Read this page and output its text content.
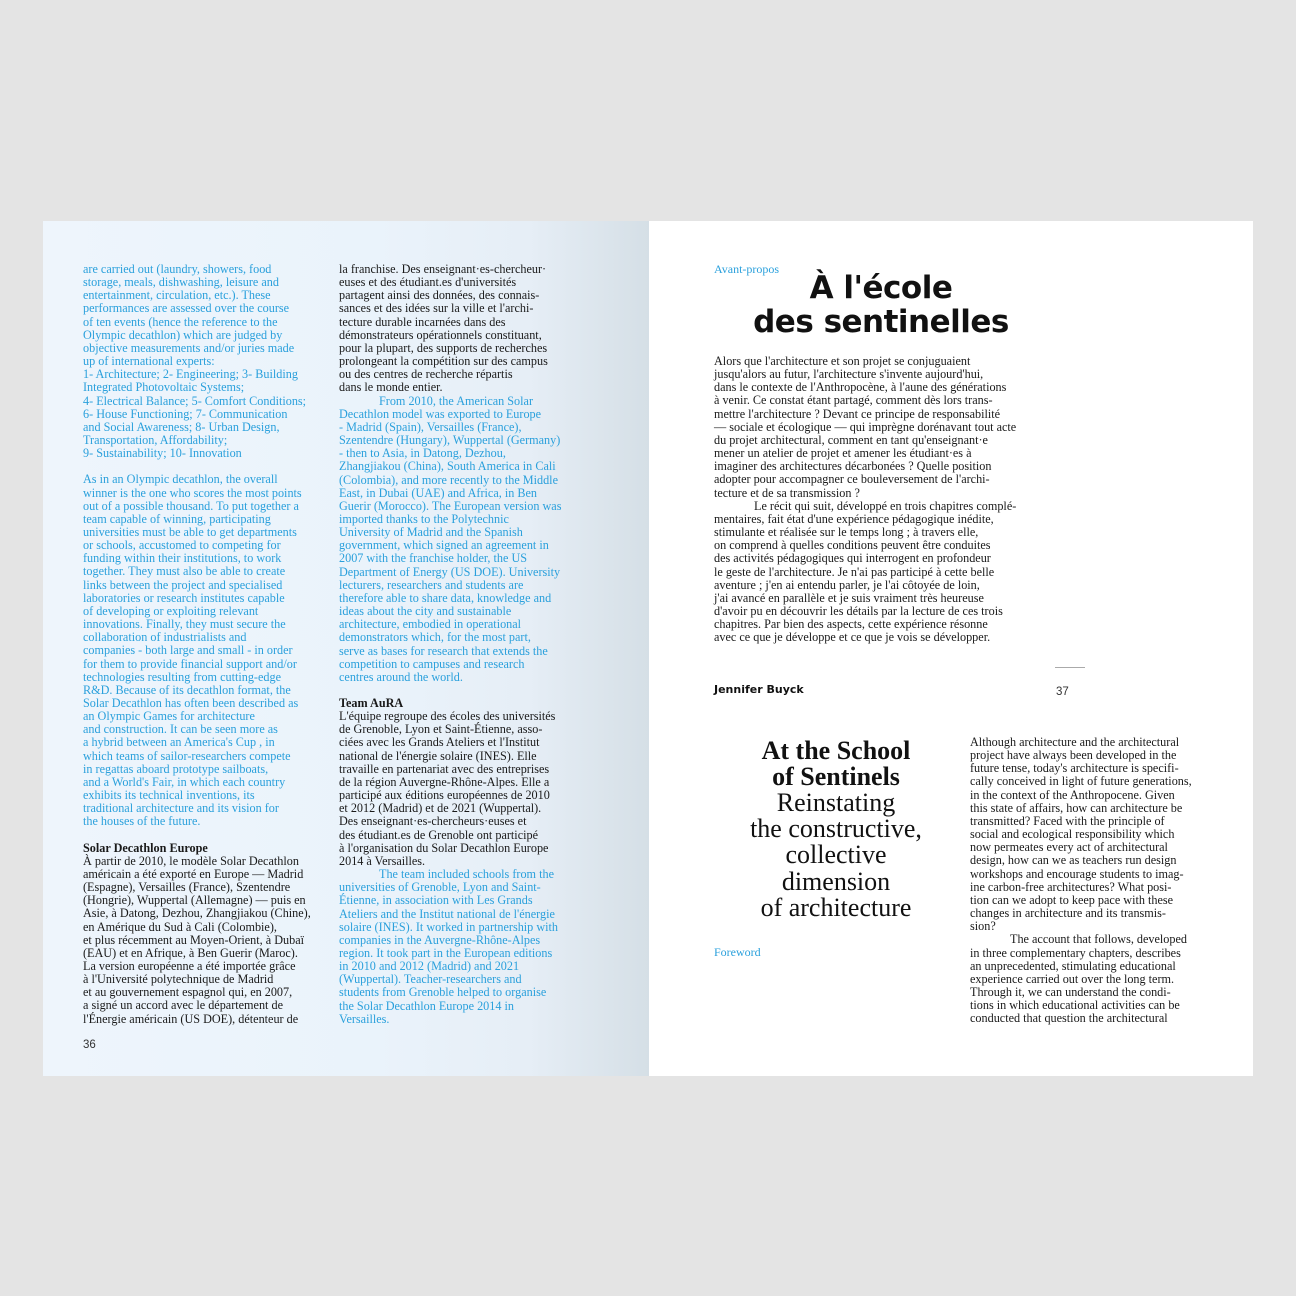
are carried out (laundry, showers, food
storage, meals, dishwashing, leisure and
entertainment, circulation, etc.). These
performances are assessed over the course
of ten events (hence the reference to the
Olympic decathlon) which are judged by
objective measurements and/or juries made
up of international experts:
1- Architecture; 2- Engineering; 3- Building
Integrated Photovoltaic Systems;
4- Electrical Balance; 5- Comfort Conditions;
6- House Functioning; 7- Communication
and Social Awareness; 8- Urban Design,
Transportation, Affordability;
9- Sustainability; 10- Innovation
As in an Olympic decathlon, the overall
winner is the one who scores the most points
out of a possible thousand. To put together a
team capable of winning, participating
universities must be able to get departments
or schools, accustomed to competing for
funding within their institutions, to work
together. They must also be able to create
links between the project and specialised
laboratories or research institutes capable
of developing or exploiting relevant
innovations. Finally, they must secure the
collaboration of industrialists and
companies - both large and small - in order
for them to provide financial support and/or
technologies resulting from cutting-edge
R&D. Because of its decathlon format, the
Solar Decathlon has often been described as
an Olympic Games for architecture
and construction. It can be seen more as
a hybrid between an America's Cup , in
which teams of sailor-researchers compete
in regattas aboard prototype sailboats,
and a World's Fair, in which each country
exhibits its technical inventions, its
traditional architecture and its vision for
the houses of the future.
Solar Decathlon Europe
À partir de 2010, le modèle Solar Decathlon
américain a été exporté en Europe — Madrid
(Espagne), Versailles (France), Szentendre
(Hongrie), Wuppertal (Allemagne) — puis en
Asie, à Datong, Dezhou, Zhangjiakou (Chine),
en Amérique du Sud à Cali (Colombie),
et plus récemment au Moyen-Orient, à Dubaï
(EAU) et en Afrique, à Ben Guerir (Maroc).
La version européenne a été importée grâce
à l'Université polytechnique de Madrid
et au gouvernement espagnol qui, en 2007,
a signé un accord avec le département de
l'Énergie américain (US DOE), détenteur de
la franchise. Des enseignant·es-chercheur·
euses et des étudiant.es d'universités
partagent ainsi des données, des connais-
sances et des idées sur la ville et l'archi-
tecture durable incarnées dans des
démonstrateurs opérationnels constituant,
pour la plupart, des supports de recherches
prolongeant la compétition sur des campus
ou des centres de recherche répartis
dans le monde entier.
From 2010, the American Solar
Decathlon model was exported to Europe
- Madrid (Spain), Versailles (France),
Szentendre (Hungary), Wuppertal (Germany)
- then to Asia, in Datong, Dezhou,
Zhangjiakou (China), South America in Cali
(Colombia), and more recently to the Middle
East, in Dubai (UAE) and Africa, in Ben
Guerir (Morocco). The European version was
imported thanks to the Polytechnic
University of Madrid and the Spanish
government, which signed an agreement in
2007 with the franchise holder, the US
Department of Energy (US DOE). University
lecturers, researchers and students are
therefore able to share data, knowledge and
ideas about the city and sustainable
architecture, embodied in operational
demonstrators which, for the most part,
serve as bases for research that extends the
competition to campuses and research
centres around the world.
Team AuRA
L'équipe regroupe des écoles des universités
de Grenoble, Lyon et Saint-Étienne, asso-
ciées avec les Grands Ateliers et l'Institut
national de l'énergie solaire (INES). Elle
travaille en partenariat avec des entreprises
de la région Auvergne-Rhône-Alpes. Elle a
participé aux éditions européennes de 2010
et 2012 (Madrid) et de 2021 (Wuppertal).
Des enseignant·es-chercheurs·euses et
des étudiant.es de Grenoble ont participé
à l'organisation du Solar Decathlon Europe
2014 à Versailles.
The team included schools from the
universities of Grenoble, Lyon and Saint-
Étienne, in association with Les Grands
Ateliers and the Institut national de l'énergie
solaire (INES). It worked in partnership with
companies in the Auvergne-Rhône-Alpes
region. It took part in the European editions
in 2010 and 2012 (Madrid) and 2021
(Wuppertal). Teacher-researchers and
students from Grenoble helped to organise
the Solar Decathlon Europe 2014 in
Versailles.
36
Avant-propos
À l'école
des sentinelles
Alors que l'architecture et son projet se conjuguaient
jusqu'alors au futur, l'architecture s'invente aujourd'hui,
dans le contexte de l'Anthropocène, à l'aune des générations
à venir. Ce constat étant partagé, comment dès lors trans-
mettre l'architecture ? Devant ce principe de responsabilité
— sociale et écologique — qui imprègne dorénavant tout acte
du projet architectural, comment en tant qu'enseignant·e
mener un atelier de projet et amener les étudiant·es à
imaginer des architectures décarbonées ? Quelle position
adopter pour accompagner ce bouleversement de l'archi-
tecture et de sa transmission ?
Le récit qui suit, développé en trois chapitres complé-
mentaires, fait état d'une expérience pédagogique inédite,
stimulante et réalisée sur le temps long ; à travers elle,
on comprend à quelles conditions peuvent être conduites
des activités pédagogiques qui interrogent en profondeur
le geste de l'architecture. Je n'ai pas participé à cette belle
aventure ; j'en ai entendu parler, je l'ai côtoyée de loin,
j'ai avancé en parallèle et je suis vraiment très heureuse
d'avoir pu en découvrir les détails par la lecture de ces trois
chapitres. Par bien des aspects, cette expérience résonne
avec ce que je développe et ce que je vois se développer.
Jennifer Buyck	37
At the School
of Sentinels
Reinstating
the constructive,
collective
dimension
of architecture
Foreword
Although architecture and the architectural
project have always been developed in the
future tense, today's architecture is specifi-
cally conceived in light of future generations,
in the context of the Anthropocene. Given
this state of affairs, how can architecture be
transmitted? Faced with the principle of
social and ecological responsibility which
now permeates every act of architectural
design, how can we as teachers run design
workshops and encourage students to imag-
ine carbon-free architectures? What posi-
tion can we adopt to keep pace with these
changes in architecture and its transmis-
sion?
The account that follows, developed
in three complementary chapters, describes
an unprecedented, stimulating educational
experience carried out over the long term.
Through it, we can understand the condi-
tions in which educational activities can be
conducted that question the architectural
